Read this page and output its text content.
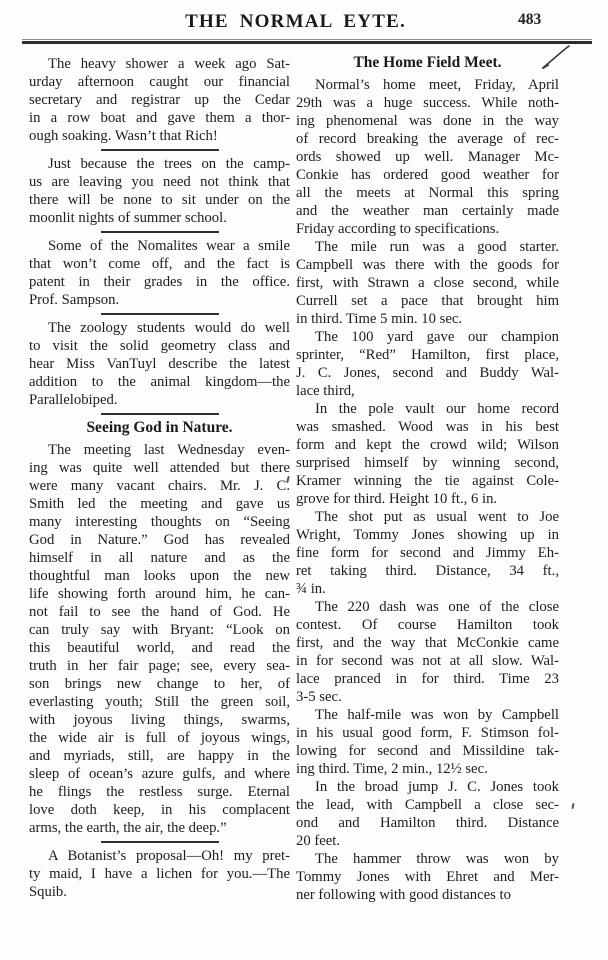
THE NORMAL EYTE.	483
The heavy shower a week ago Sat-
urday afternoon caught our financial
secretary and registrar up the Cedar
in a row boat and gave them a thor-
ough soaking. Wasn’t that Rich!
Just because the trees on the camp-
us are leaving you need not think that
there will be none to sit under on the
moonlit nights of summer school.
Some of the Nomalites wear a smile
that won’t come off, and the fact is
patent in their grades in the office.
Prof. Sampson.
The zoology students would do well
to visit the solid geometry class and
hear Miss VanTuyl describe the latest
addition to the animal kingdom—the
Parallelobiped.
Seeing God in Nature.
The meeting last Wednesday even-
ing was quite well attended but there
were many vacant chairs. Mr. J. C.
Smith led the meeting and gave us
many interesting thoughts on “Seeing
God in Nature.” God has revealed
himself in all nature and as the
thoughtful man looks upon the new
life showing forth around him, he can-
not fail to see the hand of God. He
can truly say with Bryant: “Look on
this beautiful world, and read the
truth in her fair page; see, every sea-
son brings new change to her, of
everlasting youth; Still the green soil,
with joyous living things, swarms,
the wide air is full of joyous wings,
and myriads, still, are happy in the
sleep of ocean’s azure gulfs, and where
he flings the restless surge. Eternal
love doth keep, in his complacent
arms, the earth, the air, the deep.”
A Botanist’s proposal—Oh! my pret-
ty maid, I have a lichen for you.—The
Squib.
The Home Field Meet.
Normal’s home meet, Friday, April
29th was a huge success. While noth-
ing phenomenal was done in the way
of record breaking the average of rec-
ords showed up well. Manager Mc-
Conkie has ordered good weather for
all the meets at Normal this spring
and the weather man certainly made
Friday according to specifications.
The mile run was a good starter.
Campbell was there with the goods for
first, with Strawn a close second, while
Currell set a pace that brought him
in third. Time 5 min. 10 sec.
The 100 yard gave our champion
sprinter, “Red” Hamilton, first place,
J. C. Jones, second and Buddy Wal-
lace third,
In the pole vault our home record
was smashed. Wood was in his best
form and kept the crowd wild; Wilson
surprised himself by winning second,
Kramer winning the tie against Cole-
grove for third. Height 10 ft., 6 in.
The shot put as usual went to Joe
Wright, Tommy Jones showing up in
fine form for second and Jimmy Eh-
ret taking third. Distance, 34 ft.,
¾ in.
The 220 dash was one of the close
contest. Of course Hamilton took
first, and the way that McConkie came
in for second was not at all slow. Wal-
lace pranced in for third. Time 23
3-5 sec.
The half-mile was won by Campbell
in his usual good form, F. Stimson fol-
lowing for second and Missildine tak-
ing third. Time, 2 min., 12½ sec.
In the broad jump J. C. Jones took
the lead, with Campbell a close sec-
ond and Hamilton third. Distance
20 feet.
The hammer throw was won by
Tommy Jones with Ehret and Mer-
ner following with good distances to
